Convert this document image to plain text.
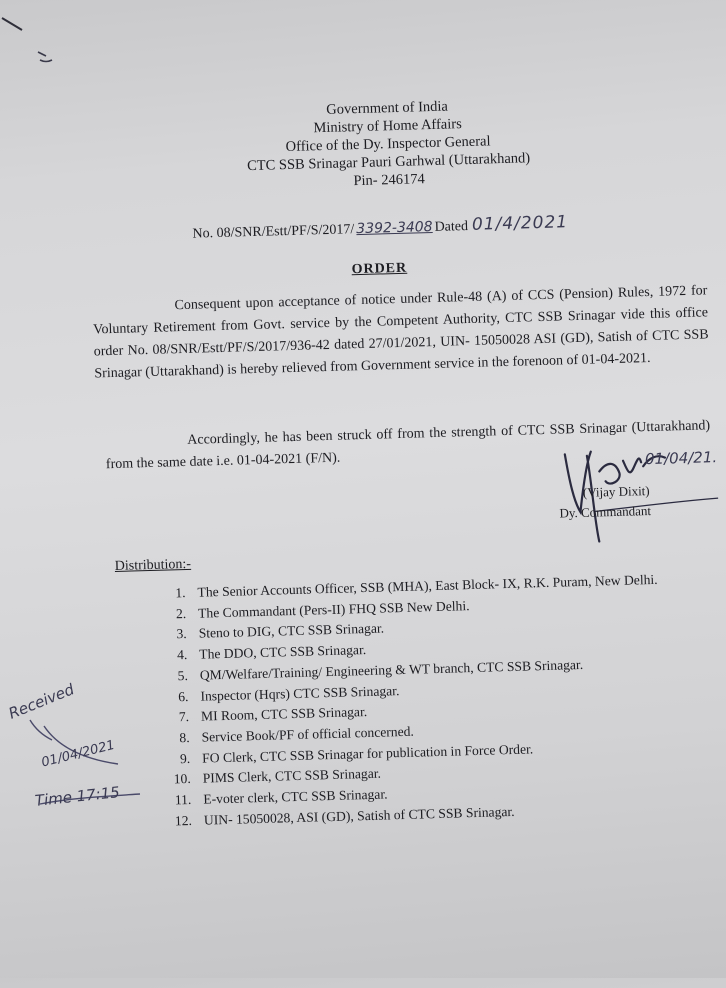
Government of India
Ministry of Home Affairs
Office of the Dy. Inspector General
CTC SSB Srinagar Pauri Garhwal (Uttarakhand)
Pin- 246174
No. 08/SNR/Estt/PF/S/2017/ 3392-3408 Dated 01/4/2021
ORDER
Consequent upon acceptance of notice under Rule-48 (A) of CCS (Pension) Rules, 1972 for Voluntary Retirement from Govt. service by the Competent Authority, CTC SSB Srinagar vide this office order No. 08/SNR/Estt/PF/S/2017/936-42 dated 27/01/2021, UIN- 15050028 ASI (GD), Satish of CTC SSB Srinagar (Uttarakhand) is hereby relieved from Government service in the forenoon of 01-04-2021.
Accordingly, he has been struck off from the strength of CTC SSB Srinagar (Uttarakhand) from the same date i.e. 01-04-2021 (F/N).	01/04/21.
(Vijay Dixit)
Dy. Commandant
Distribution:-
1. The Senior Accounts Officer, SSB (MHA), East Block- IX, R.K. Puram, New Delhi.
2. The Commandant (Pers-II) FHQ SSB New Delhi.
3. Steno to DIG, CTC SSB Srinagar.
4. The DDO, CTC SSB Srinagar.
5. QM/Welfare/Training/ Engineering & WT branch, CTC SSB Srinagar.
6. Inspector (Hqrs) CTC SSB Srinagar.
7. MI Room, CTC SSB Srinagar.
8. Service Book/PF of official concerned.
9. FO Clerk, CTC SSB Srinagar for publication in Force Order.
10. PIMS Clerk, CTC SSB Srinagar.
11. E-voter clerk, CTC SSB Srinagar.
12. UIN- 15050028, ASI (GD), Satish of CTC SSB Srinagar.
Received
01/04/2021
Time 17:15
